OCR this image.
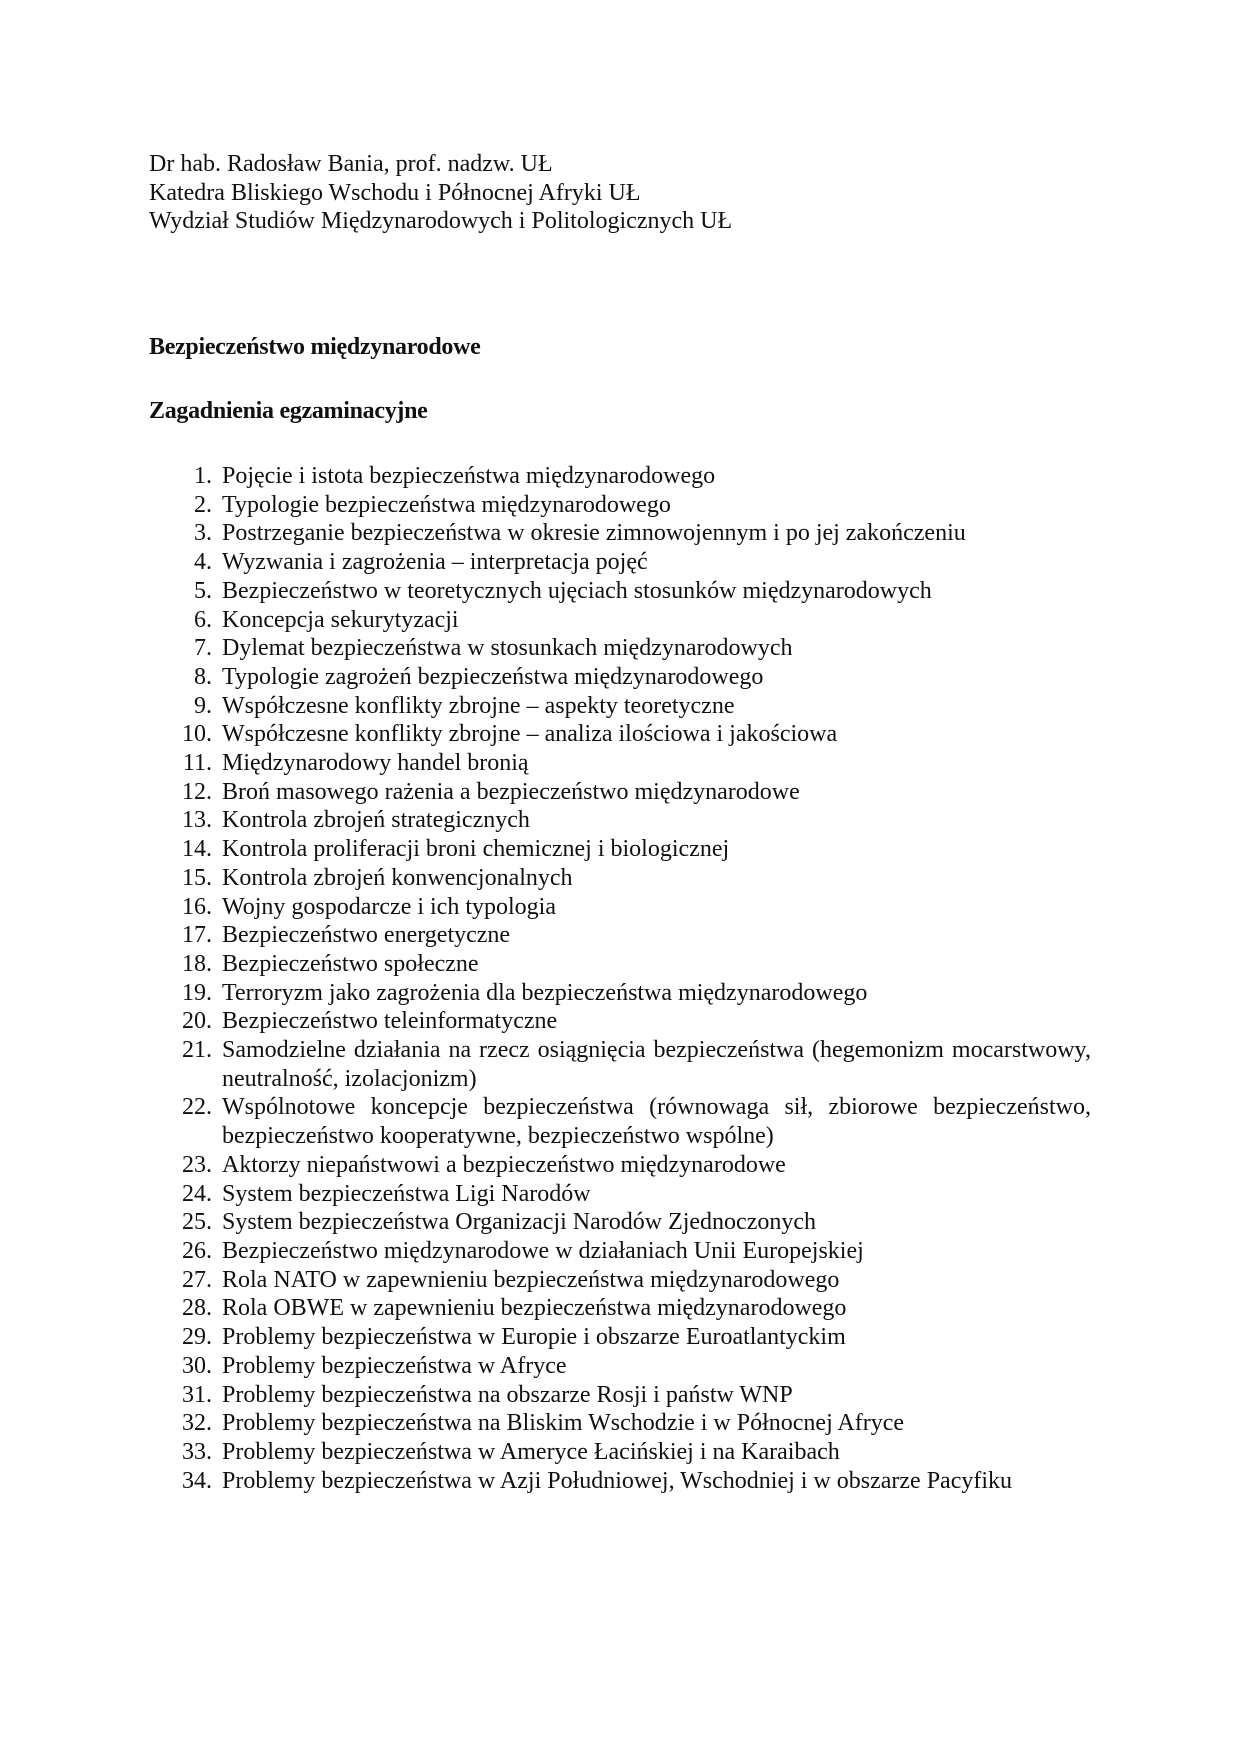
Dr hab. Radosław Bania, prof. nadzw. UŁ
Katedra Bliskiego Wschodu i Północnej Afryki UŁ
Wydział Studiów Międzynarodowych i Politologicznych UŁ
Bezpieczeństwo międzynarodowe
Zagadnienia egzaminacyjne
1. Pojęcie i istota bezpieczeństwa międzynarodowego
2. Typologie bezpieczeństwa międzynarodowego
3. Postrzeganie bezpieczeństwa w okresie zimnowojennym i po jej zakończeniu
4. Wyzwania i zagrożenia – interpretacja pojęć
5. Bezpieczeństwo w teoretycznych ujęciach stosunków międzynarodowych
6. Koncepcja sekurytyzacji
7. Dylemat bezpieczeństwa w stosunkach międzynarodowych
8. Typologie zagrożeń bezpieczeństwa międzynarodowego
9. Współczesne konflikty zbrojne – aspekty teoretyczne
10. Współczesne konflikty zbrojne – analiza ilościowa i jakościowa
11. Międzynarodowy handel bronią
12. Broń masowego rażenia a bezpieczeństwo międzynarodowe
13. Kontrola zbrojeń strategicznych
14. Kontrola proliferacji broni chemicznej i biologicznej
15. Kontrola zbrojeń konwencjonalnych
16. Wojny gospodarcze i ich typologia
17. Bezpieczeństwo energetyczne
18. Bezpieczeństwo społeczne
19. Terroryzm jako zagrożenia dla bezpieczeństwa międzynarodowego
20. Bezpieczeństwo teleinformatyczne
21. Samodzielne działania na rzecz osiągnięcia bezpieczeństwa (hegemonizm mocarstwowy, neutralność, izolacjonizm)
22. Wspólnotowe koncepcje bezpieczeństwa (równowaga sił, zbiorowe bezpieczeństwo, bezpieczeństwo kooperatywne, bezpieczeństwo wspólne)
23. Aktorzy niepaństwowi a bezpieczeństwo międzynarodowe
24. System bezpieczeństwa Ligi Narodów
25. System bezpieczeństwa Organizacji Narodów Zjednoczonych
26. Bezpieczeństwo międzynarodowe w działaniach Unii Europejskiej
27. Rola NATO w zapewnieniu bezpieczeństwa międzynarodowego
28. Rola OBWE w zapewnieniu bezpieczeństwa międzynarodowego
29. Problemy bezpieczeństwa w Europie i obszarze Euroatlantyckim
30. Problemy bezpieczeństwa w Afryce
31. Problemy bezpieczeństwa na obszarze Rosji i państw WNP
32. Problemy bezpieczeństwa na Bliskim Wschodzie i w Północnej Afryce
33. Problemy bezpieczeństwa w Ameryce Łacińskiej i na Karaibach
34. Problemy bezpieczeństwa w Azji Południowej, Wschodniej i w obszarze Pacyfiku
